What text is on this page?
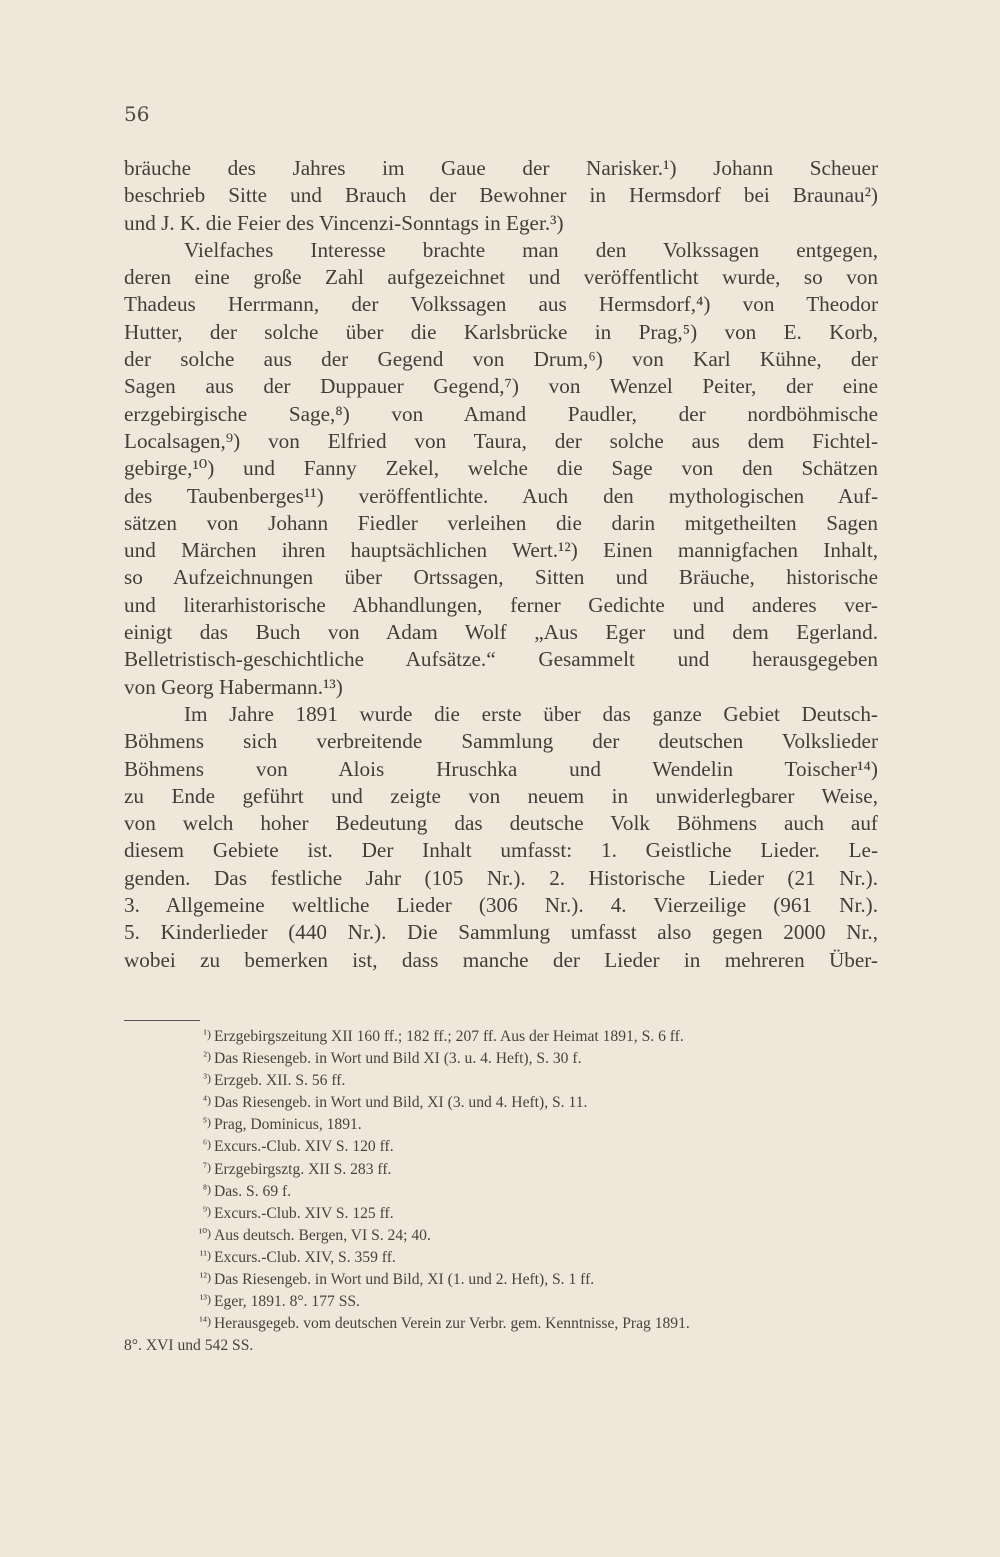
56
bräuche des Jahres im Gaue der Narisker.¹) Johann Scheuer
beschrieb Sitte und Brauch der Bewohner in Hermsdorf bei Braunau²)
und J. K. die Feier des Vincenzi-Sonntags in Eger.³)
Vielfaches Interesse brachte man den Volkssagen entgegen,
deren eine große Zahl aufgezeichnet und veröffentlicht wurde, so von
Thadeus Herrmann, der Volkssagen aus Hermsdorf,⁴) von Theodor
Hutter, der solche über die Karlsbrücke in Prag,⁵) von E. Korb,
der solche aus der Gegend von Drum,⁶) von Karl Kühne, der
Sagen aus der Duppauer Gegend,⁷) von Wenzel Peiter, der eine
erzgebirgische Sage,⁸) von Amand Paudler, der nordböhmische
Localsagen,⁹) von Elfried von Taura, der solche aus dem Fichtel-
gebirge,¹⁰) und Fanny Zekel, welche die Sage von den Schätzen
des Taubenberges¹¹) veröffentlichte. Auch den mythologischen Auf-
sätzen von Johann Fiedler verleihen die darin mitgetheilten Sagen
und Märchen ihren hauptsächlichen Wert.¹²) Einen mannigfachen Inhalt,
so Aufzeichnungen über Ortssagen, Sitten und Bräuche, historische
und literarhistorische Abhandlungen, ferner Gedichte und anderes ver-
einigt das Buch von Adam Wolf „Aus Eger und dem Egerland.
Belletristisch-geschichtliche Aufsätze.“ Gesammelt und herausgegeben
von Georg Habermann.¹³)
Im Jahre 1891 wurde die erste über das ganze Gebiet Deutsch-
Böhmens sich verbreitende Sammlung der deutschen Volkslieder
Böhmens von Alois Hruschka und Wendelin Toischer¹⁴)
zu Ende geführt und zeigte von neuem in unwiderlegbarer Weise,
von welch hoher Bedeutung das deutsche Volk Böhmens auch auf
diesem Gebiete ist. Der Inhalt umfasst: 1. Geistliche Lieder. Le-
genden. Das festliche Jahr (105 Nr.). 2. Historische Lieder (21 Nr.).
3. Allgemeine weltliche Lieder (306 Nr.). 4. Vierzeilige (961 Nr.).
5. Kinderlieder (440 Nr.). Die Sammlung umfasst also gegen 2000 Nr.,
wobei zu bemerken ist, dass manche der Lieder in mehreren Über-
¹) Erzgebirgszeitung XII 160 ff.; 182 ff.; 207 ff. Aus der Heimat 1891, S. 6 ff.
²) Das Riesengeb. in Wort und Bild XI (3. u. 4. Heft), S. 30 f.
³) Erzgeb. XII. S. 56 ff.
⁴) Das Riesengeb. in Wort und Bild, XI (3. und 4. Heft), S. 11.
⁵) Prag, Dominicus, 1891.
⁶) Excurs.-Club. XIV S. 120 ff.
⁷) Erzgebirgsztg. XII S. 283 ff.
⁸) Das. S. 69 f.
⁹) Excurs.-Club. XIV S. 125 ff.
¹⁰) Aus deutsch. Bergen, VI S. 24; 40.
¹¹) Excurs.-Club. XIV, S. 359 ff.
¹²) Das Riesengeb. in Wort und Bild, XI (1. und 2. Heft), S. 1 ff.
¹³) Eger, 1891. 8°. 177 SS.
¹⁴) Herausgegeb. vom deutschen Verein zur Verbr. gem. Kenntnisse, Prag 1891.
8°. XVI und 542 SS.
